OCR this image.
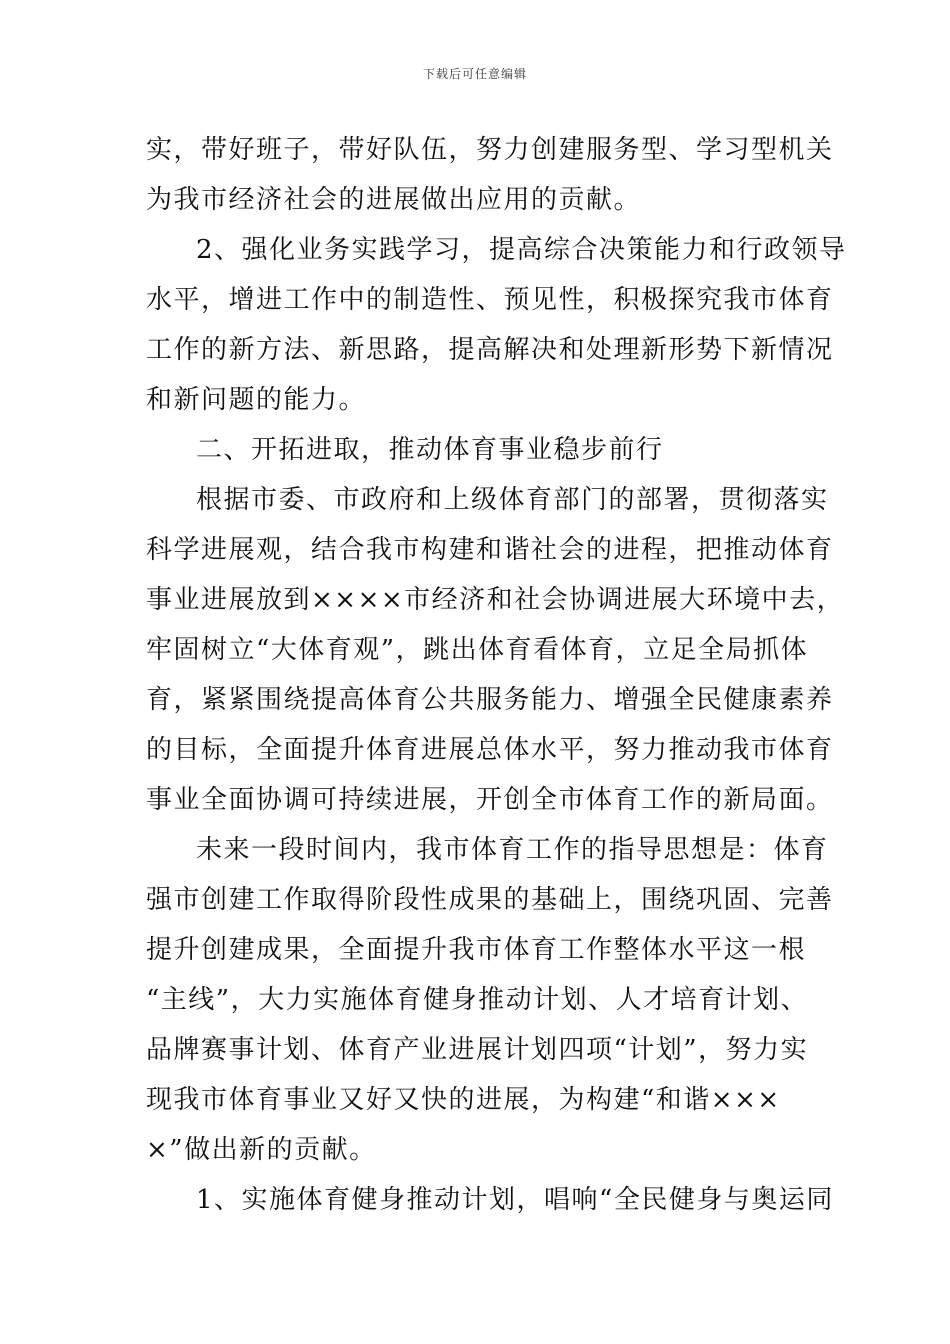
下载后可任意编辑
实，带好班子，带好队伍，努力创建服务型、学习型机关
为我市经济社会的进展做出应用的贡献。
2、强化业务实践学习，提高综合决策能力和行政领导
水平，增进工作中的制造性、预见性，积极探究我市体育
工作的新方法、新思路，提高解决和处理新形势下新情况
和新问题的能力。
二、开拓进取，推动体育事业稳步前行
根据市委、市政府和上级体育部门的部署，贯彻落实
科学进展观，结合我市构建和谐社会的进程，把推动体育
事业进展放到××××市经济和社会协调进展大环境中去，
牢固树立“大体育观”，跳出体育看体育，立足全局抓体
育，紧紧围绕提高体育公共服务能力、增强全民健康素养
的目标，全面提升体育进展总体水平，努力推动我市体育
事业全面协调可持续进展，开创全市体育工作的新局面。
未来一段时间内，我市体育工作的指导思想是：体育
强市创建工作取得阶段性成果的基础上，围绕巩固、完善
提升创建成果，全面提升我市体育工作整体水平这一根
“主线”，大力实施体育健身推动计划、人才培育计划、
品牌赛事计划、体育产业进展计划四项“计划”，努力实
现我市体育事业又好又快的进展，为构建“和谐×××
×”做出新的贡献。
1、实施体育健身推动计划，唱响“全民健身与奥运同
